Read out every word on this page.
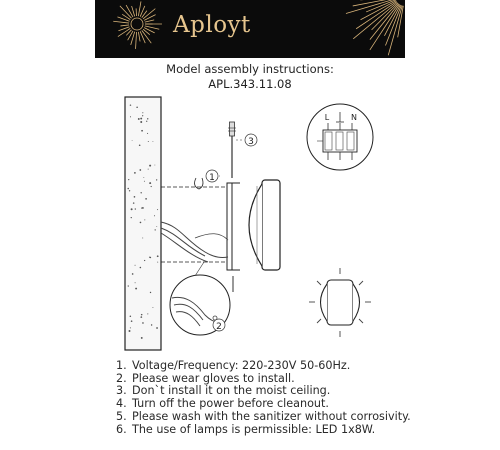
Aployt
Model assembly instructions:
APL.343.11.08
3
1
2
L	N
1. Voltage/Frequency: 220-230V 50-60Hz.
2. Please wear gloves to install.
3. Don`t install it on the moist ceiling.
4. Turn off the power before cleanout.
5. Please wash with the sanitizer without corrosivity.
6. The use of lamps is permissible: LED 1x8W.
